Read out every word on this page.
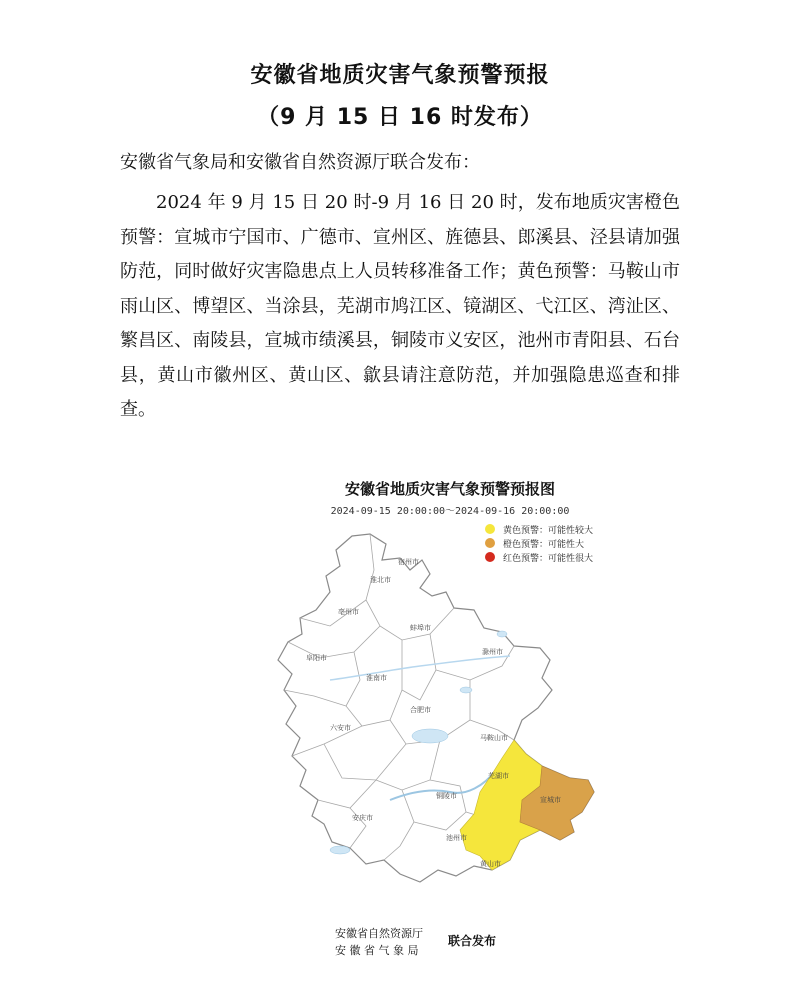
安徽省地质灾害气象预警预报
（9 月 15 日 16 时发布）
安徽省气象局和安徽省自然资源厅联合发布：

2024 年 9 月 15 日 20 时-9 月 16 日 20 时，发布地质灾害橙色预警：宣城市宁国市、广德市、宣州区、旌德县、郎溪县、泾县请加强防范，同时做好灾害隐患点上人员转移准备工作；黄色预警：马鞍山市雨山区、博望区、当涂县，芜湖市鸠江区、镜湖区、弋江区、湾沚区、繁昌区、南陵县，宣城市绩溪县，铜陵市义安区，池州市青阳县、石台县，黄山市徽州区、黄山区、歙县请注意防范，并加强隐患巡查和排查。

安徽省地质灾害气象预警预报图
2024-09-15 20:00:00～2024-09-16 20:00:00
黄色预警：可能性较大
橙色预警：可能性大
红色预警：可能性很大
宿州市
淮北市
亳州市
阜阳市
蚌埠市
淮南市
滁州市
六安市
合肥市
马鞍山市
芜湖市
宣城市
铜陵市
安庆市
池州市
黄山市
安徽省自然资源厅
安 徽 省 气 象 局
联合发布
